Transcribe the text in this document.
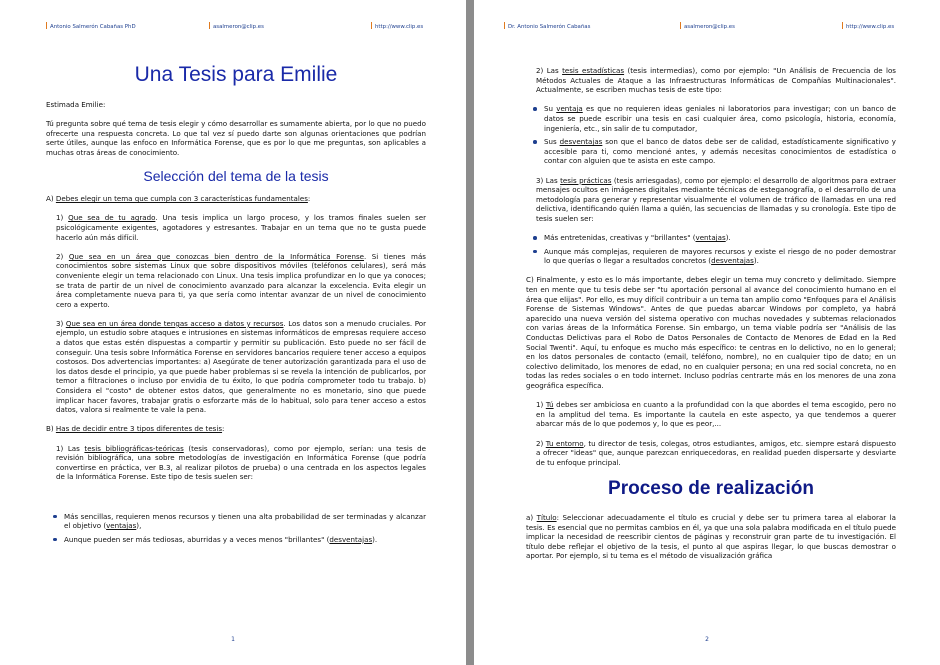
Antonio Salmerón Cabañas PhD	asalmeron@clip.es	http://www.clip.es
Una Tesis para Emilie

Estimada Emilie:

Tú pregunta sobre qué tema de tesis elegir y cómo desarrollar es sumamente abierta, por lo que no puedo ofrecerte una respuesta concreta. Lo que tal vez sí puedo darte son algunas orientaciones que podrían serte útiles, aunque las enfoco en Informática Forense, que es por lo que me preguntas, son aplicables a muchas otras áreas de conocimiento.

Selección del tema de la tesis

A) Debes elegir un tema que cumpla con 3 características fundamentales:

1) Que sea de tu agrado. Una tesis implica un largo proceso, y los tramos finales suelen ser psicológicamente exigentes, agotadores y estresantes. Trabajar en un tema que no te gusta puede hacerlo aún más difícil.

2) Que sea en un área que conozcas bien dentro de la Informática Forense. Si tienes más conocimientos sobre sistemas Linux que sobre dispositivos móviles (teléfonos celulares), será más conveniente elegir un tema relacionado con Linux. Una tesis implica profundizar en lo que ya conoces; se trata de partir de un nivel de conocimiento avanzado para alcanzar la excelencia. Evita elegir un área completamente nueva para ti, ya que sería como intentar avanzar de un nivel de conocimiento cero a experto.

3) Que sea en un área donde tengas acceso a datos y recursos. Los datos son a menudo cruciales. Por ejemplo, un estudio sobre ataques e intrusiones en sistemas informáticos de empresas requiere acceso a datos que estas estén dispuestas a compartir y permitir su publicación. Esto puede no ser fácil de conseguir. Una tesis sobre Informática Forense en servidores bancarios requiere tener acceso a equipos costosos. Dos advertencias importantes: a) Asegúrate de tener autorización garantizada para el uso de los datos desde el principio, ya que puede haber problemas si se revela la intención de publicarlos, por temor a filtraciones o incluso por envidia de tu éxito, lo que podría comprometer todo tu trabajo. b) Considera el "costo" de obtener estos datos, que generalmente no es monetario, sino que puede implicar hacer favores, trabajar gratis o esforzarte más de lo habitual, solo para tener acceso a estos datos, valora si realmente te vale la pena.

B) Has de decidir entre 3 tipos diferentes de tesis:

1) Las tesis bibliográficas-teóricas (tesis conservadoras), como por ejemplo, serían: una tesis de revisión bibliográfica, una sobre metodologías de investigación en Informática Forense (que podría convertirse en práctica, ver B.3, al realizar pilotos de prueba) o una centrada en los aspectos legales de la Informática Forense. Este tipo de tesis suelen ser:

Más sencillas, requieren menos recursos y tienen una alta probabilidad de ser terminadas y alcanzar el objetivo (ventajas),
Aunque pueden ser más tediosas, aburridas y a veces menos "brillantes" (desventajas).
1
Dr. Antonio Salmerón Cabañas	asalmeron@clip.es	http://www.clip.es

2) Las tesis estadísticas (tesis intermedias), como por ejemplo: "Un Análisis de Frecuencia de los Métodos Actuales de Ataque a las Infraestructuras Informáticas de Compañías Multinacionales". Actualmente, se escriben muchas tesis de este tipo:

Su ventaja es que no requieren ideas geniales ni laboratorios para investigar; con un banco de datos se puede escribir una tesis en casi cualquier área, como psicología, historia, economía, ingeniería, etc., sin salir de tu computador,
Sus desventajas son que el banco de datos debe ser de calidad, estadísticamente significativo y accesible para ti, como mencioné antes, y además necesitas conocimientos de estadística o contar con alguien que te asista en este campo.

3) Las tesis prácticas (tesis arriesgadas), como por ejemplo: el desarrollo de algoritmos para extraer mensajes ocultos en imágenes digitales mediante técnicas de esteganografía, o el desarrollo de una metodología para generar y representar visualmente el volumen de tráfico de llamadas en una red delictiva, identificando quién llama a quién, las secuencias de llamadas y su cronología. Este tipo de tesis suelen ser:

Más entretenidas, creativas y "brillantes" (ventajas).
Aunque más complejas, requieren de mayores recursos y existe el riesgo de no poder demostrar lo que querías o llegar a resultados concretos (desventajas).

C) Finalmente, y esto es lo más importante, debes elegir un tema muy concreto y delimitado. Siempre ten en mente que tu tesis debe ser "tu aportación personal al avance del conocimiento humano en el área que elijas". Por ello, es muy difícil contribuir a un tema tan amplio como "Enfoques para el Análisis Forense de Sistemas Windows". Antes de que puedas abarcar Windows por completo, ya habrá aparecido una nueva versión del sistema operativo con muchas novedades y subtemas relacionados con varias áreas de la Informática Forense. Sin embargo, un tema viable podría ser "Análisis de las Conductas Delictivas para el Robo de Datos Personales de Contacto de Menores de Edad en la Red Social Twenti". Aquí, tu enfoque es mucho más específico: te centras en lo delictivo, no en lo general; en los datos personales de contacto (email, teléfono, nombre), no en cualquier tipo de dato; en un colectivo delimitado, los menores de edad, no en cualquier persona; en una red social concreta, no en todas las redes sociales o en todo internet. Incluso podrías centrarte más en los menores de una zona geográfica específica.

1) Tú debes ser ambiciosa en cuanto a la profundidad con la que abordes el tema escogido, pero no en la amplitud del tema. Es importante la cautela en este aspecto, ya que tendemos a querer abarcar más de lo que podemos y, lo que es peor,...

2) Tu entorno, tu director de tesis, colegas, otros estudiantes, amigos, etc. siempre estará dispuesto a ofrecer "ideas" que, aunque parezcan enriquecedoras, en realidad pueden dispersarte y desviarte de tu enfoque principal.

Proceso de realización

a) Título: Seleccionar adecuadamente el título es crucial y debe ser tu primera tarea al elaborar la tesis. Es esencial que no permitas cambios en él, ya que una sola palabra modificada en el título puede implicar la necesidad de reescribir cientos de páginas y reconstruir gran parte de tu investigación. El título debe reflejar el objetivo de la tesis, el punto al que aspiras llegar, lo que buscas demostrar o aportar. Por ejemplo, si tu tema es el método de visualización gráfica

2
